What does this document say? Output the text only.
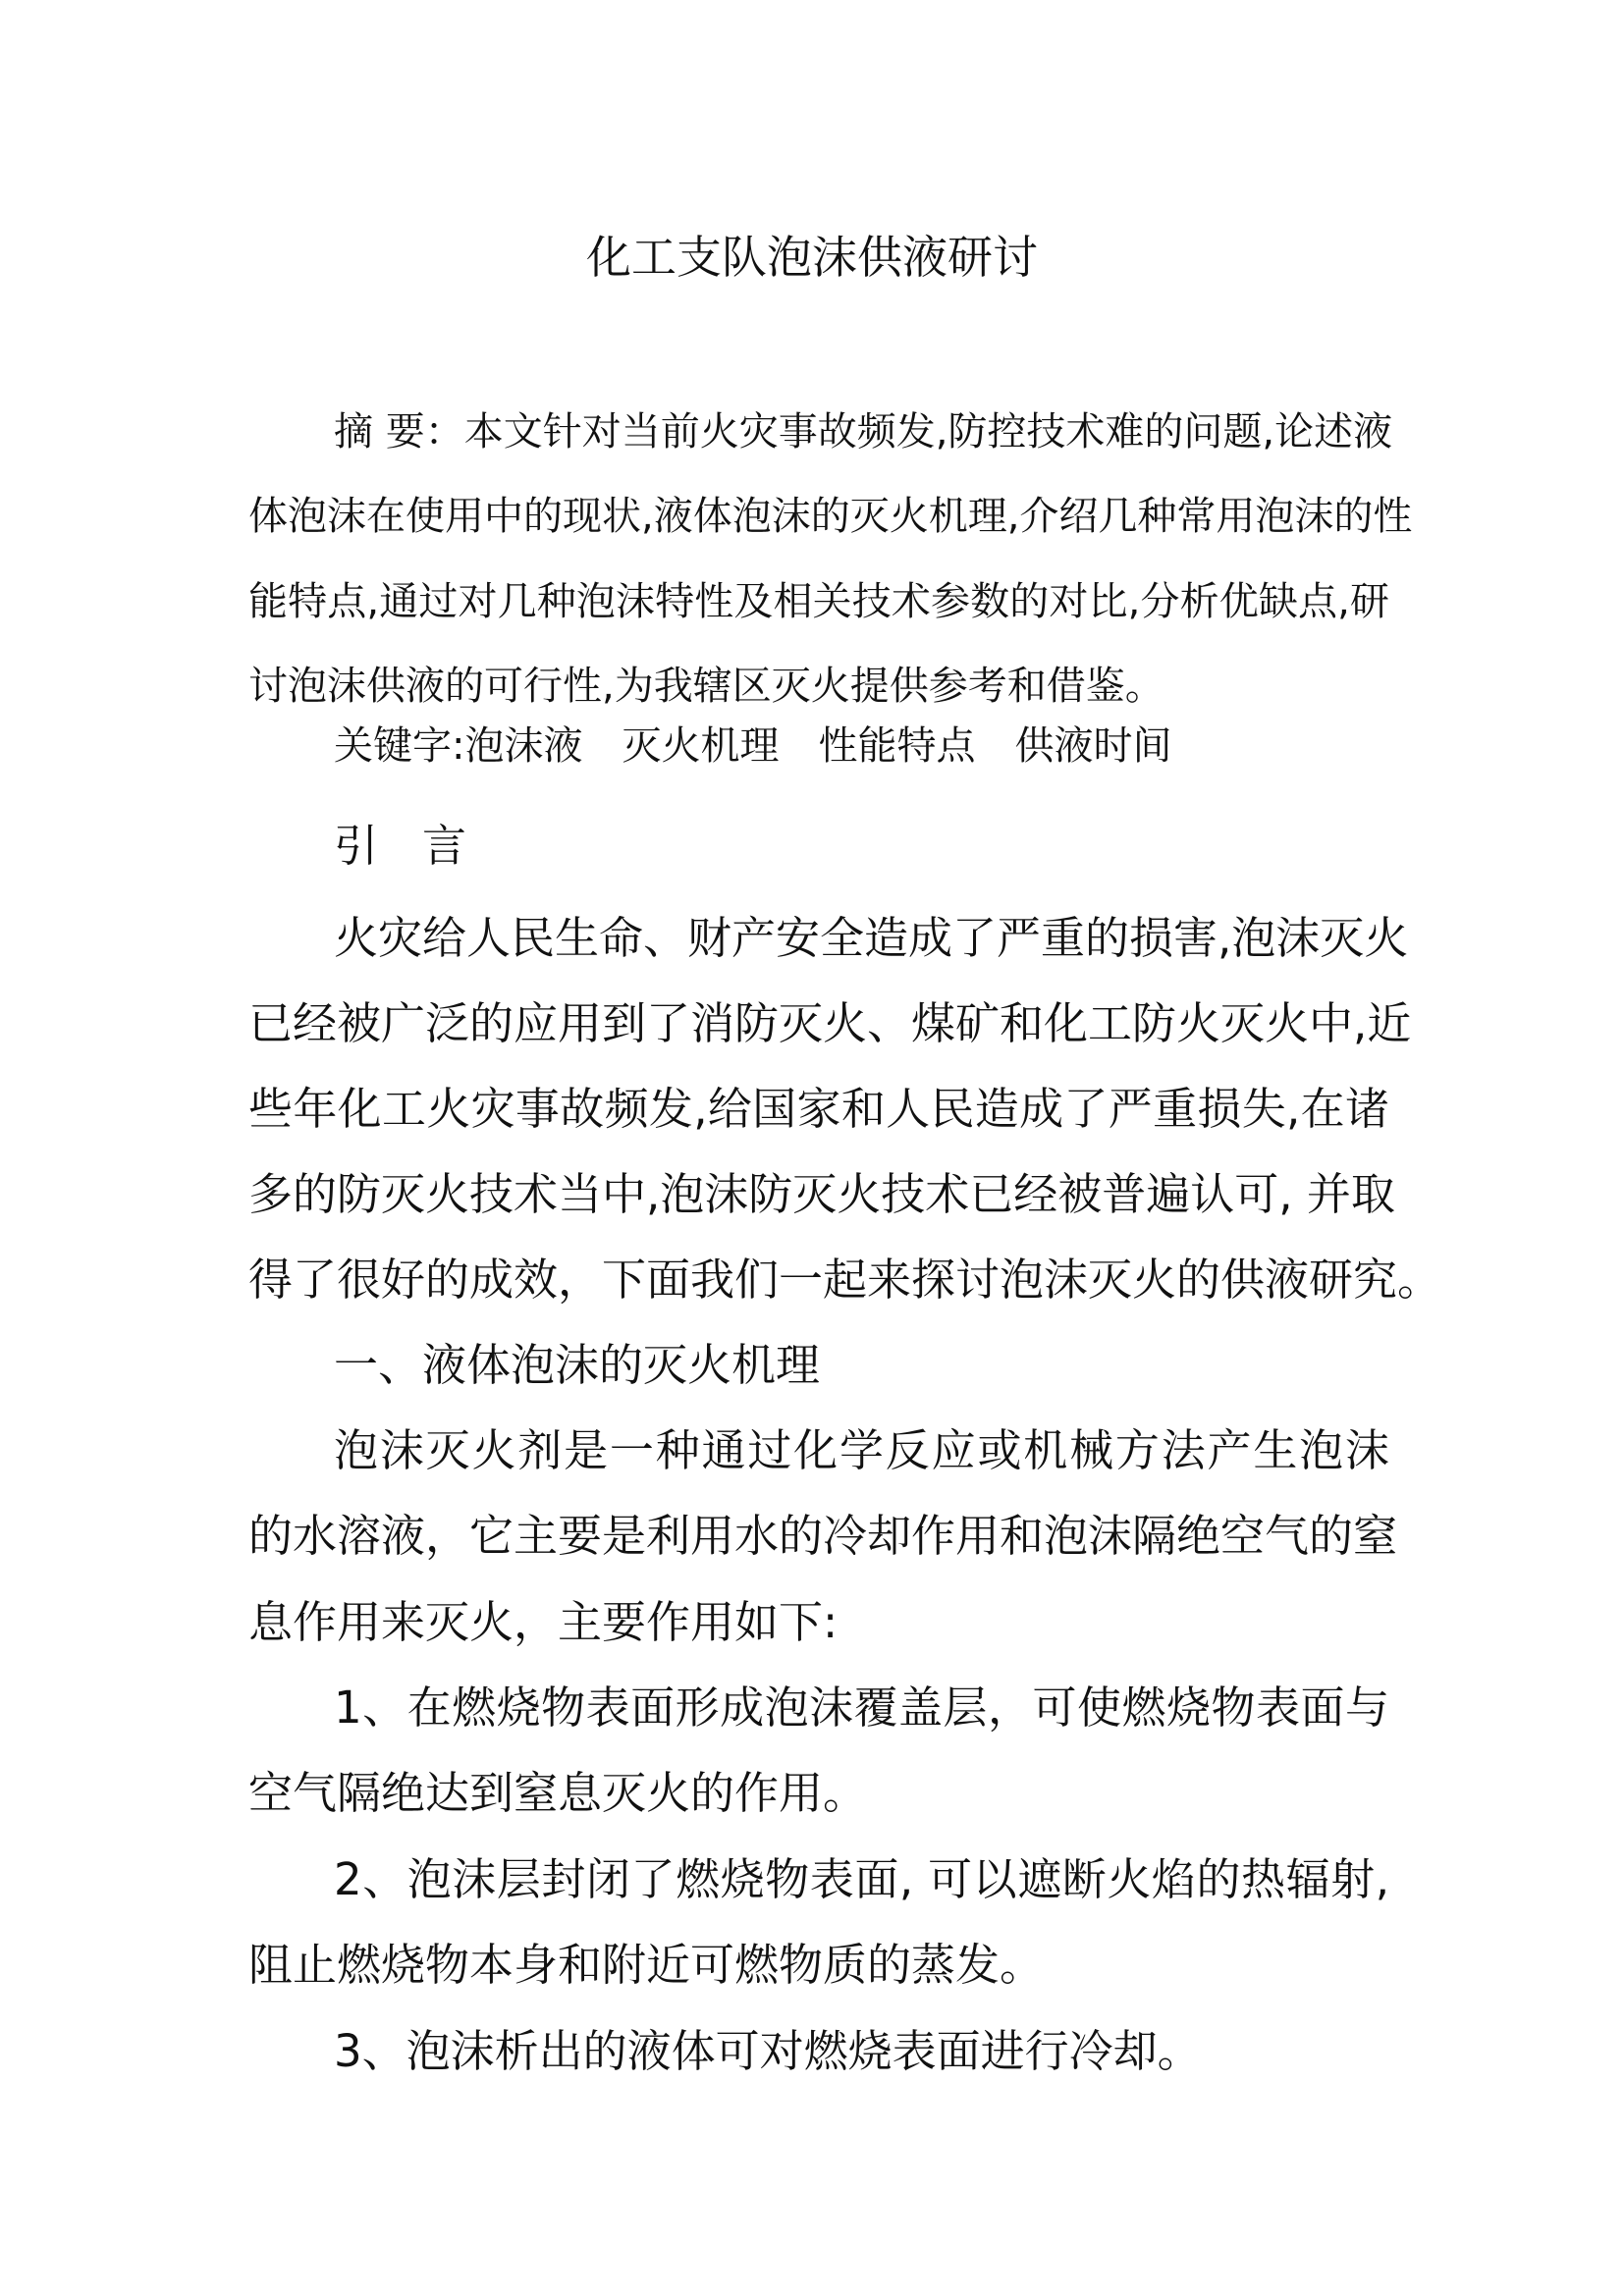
化工支队泡沫供液研讨
摘 要：本文针对当前火灾事故频发,防控技术难的问题,论述液
体泡沫在使用中的现状,液体泡沫的灭火机理,介绍几种常用泡沫的性
能特点,通过对几种泡沫特性及相关技术参数的对比,分析优缺点,研
讨泡沫供液的可行性,为我辖区灭火提供参考和借鉴。
关键字:泡沫液　灭火机理　性能特点　供液时间
引　言
火灾给人民生命、财产安全造成了严重的损害,泡沫灭火
已经被广泛的应用到了消防灭火、煤矿和化工防火灭火中,近
些年化工火灾事故频发,给国家和人民造成了严重损失,在诸
多的防灭火技术当中,泡沫防灭火技术已经被普遍认可, 并取
得了很好的成效，下面我们一起来探讨泡沫灭火的供液研究。
一、液体泡沫的灭火机理
泡沫灭火剂是一种通过化学反应或机械方法产生泡沫
的水溶液，它主要是利用水的冷却作用和泡沫隔绝空气的窒
息作用来灭火，主要作用如下:
1、在燃烧物表面形成泡沫覆盖层，可使燃烧物表面与
空气隔绝达到窒息灭火的作用。
2、泡沫层封闭了燃烧物表面, 可以遮断火焰的热辐射,
阻止燃烧物本身和附近可燃物质的蒸发。
3、泡沫析出的液体可对燃烧表面进行冷却。
